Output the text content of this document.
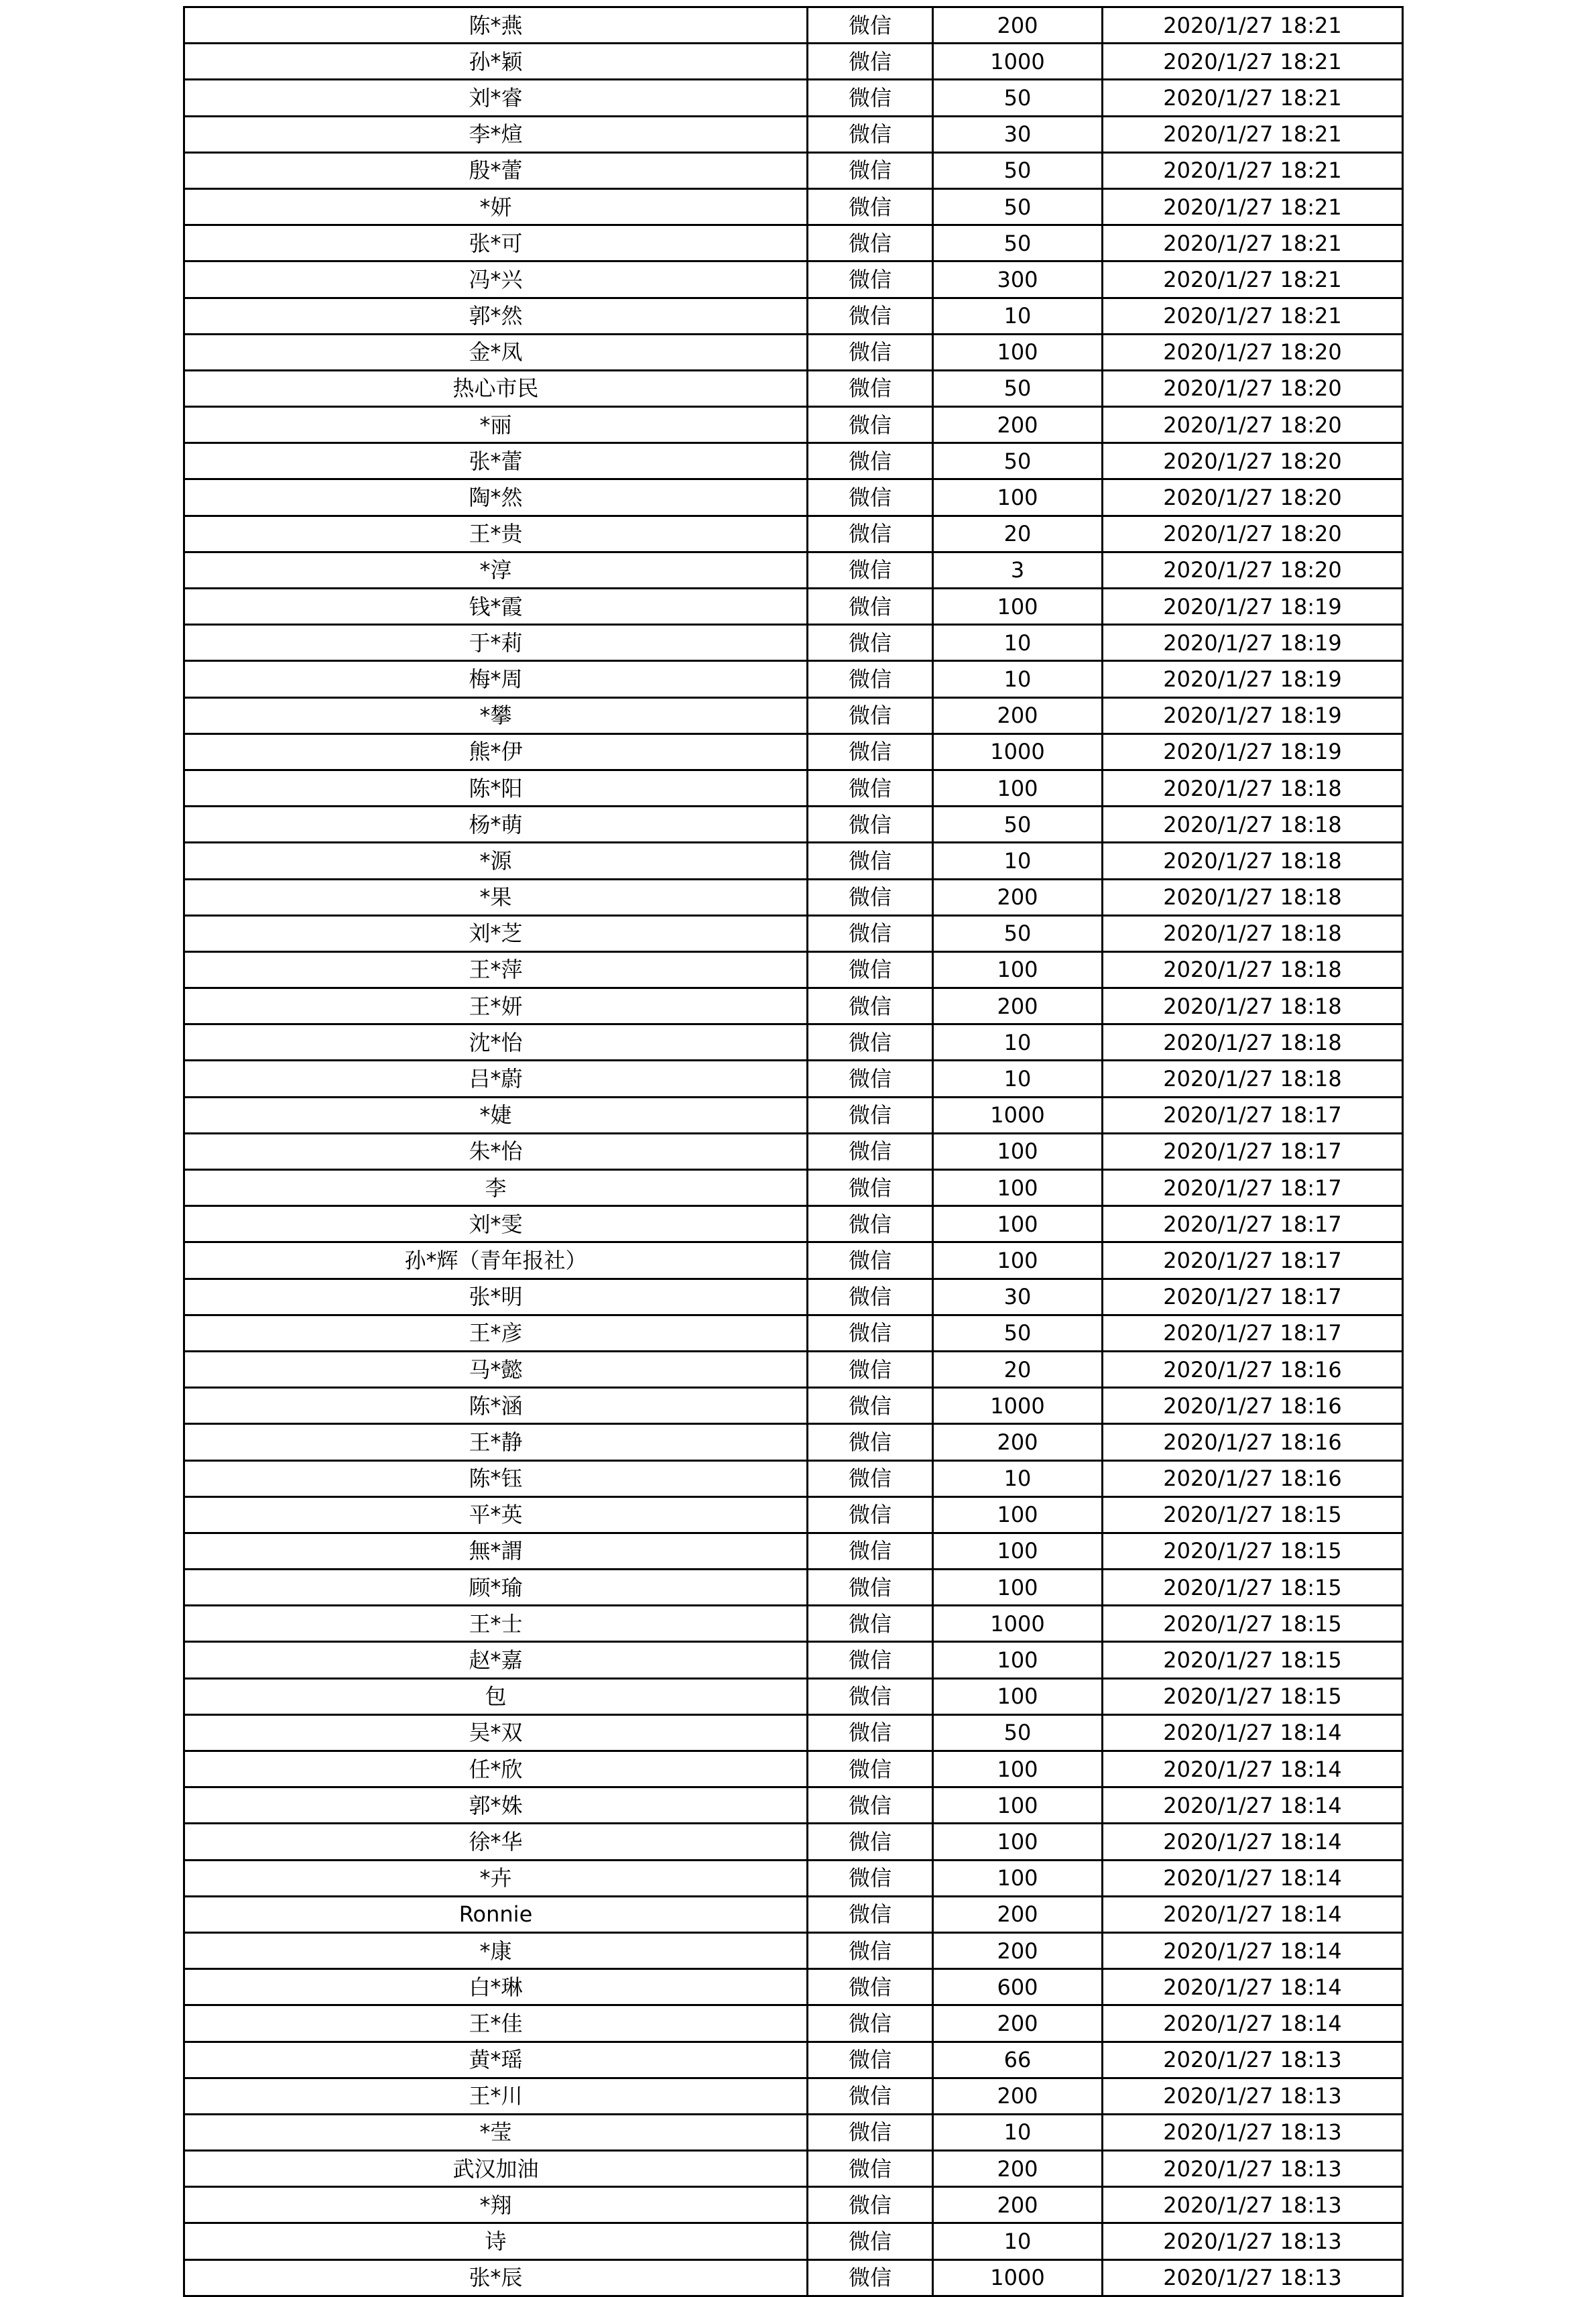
陈*燕	微信	200	2020/1/27 18:21
孙*颖	微信	1000	2020/1/27 18:21
刘*睿	微信	50	2020/1/27 18:21
李*煊	微信	30	2020/1/27 18:21
殷*蕾	微信	50	2020/1/27 18:21
*妍	微信	50	2020/1/27 18:21
张*可	微信	50	2020/1/27 18:21
冯*兴	微信	300	2020/1/27 18:21
郭*然	微信	10	2020/1/27 18:21
金*凤	微信	100	2020/1/27 18:20
热心市民	微信	50	2020/1/27 18:20
*丽	微信	200	2020/1/27 18:20
张*蕾	微信	50	2020/1/27 18:20
陶*然	微信	100	2020/1/27 18:20
王*贵	微信	20	2020/1/27 18:20
*淳	微信	3	2020/1/27 18:20
钱*霞	微信	100	2020/1/27 18:19
于*莉	微信	10	2020/1/27 18:19
梅*周	微信	10	2020/1/27 18:19
*攀	微信	200	2020/1/27 18:19
熊*伊	微信	1000	2020/1/27 18:19
陈*阳	微信	100	2020/1/27 18:18
杨*萌	微信	50	2020/1/27 18:18
*源	微信	10	2020/1/27 18:18
*果	微信	200	2020/1/27 18:18
刘*芝	微信	50	2020/1/27 18:18
王*萍	微信	100	2020/1/27 18:18
王*妍	微信	200	2020/1/27 18:18
沈*怡	微信	10	2020/1/27 18:18
吕*蔚	微信	10	2020/1/27 18:18
*婕	微信	1000	2020/1/27 18:17
朱*怡	微信	100	2020/1/27 18:17
李	微信	100	2020/1/27 18:17
刘*雯	微信	100	2020/1/27 18:17
孙*辉（青年报社）	微信	100	2020/1/27 18:17
张*明	微信	30	2020/1/27 18:17
王*彦	微信	50	2020/1/27 18:17
马*懿	微信	20	2020/1/27 18:16
陈*涵	微信	1000	2020/1/27 18:16
王*静	微信	200	2020/1/27 18:16
陈*钰	微信	10	2020/1/27 18:16
平*英	微信	100	2020/1/27 18:15
無*謂	微信	100	2020/1/27 18:15
顾*瑜	微信	100	2020/1/27 18:15
王*士	微信	1000	2020/1/27 18:15
赵*嘉	微信	100	2020/1/27 18:15
包	微信	100	2020/1/27 18:15
吴*双	微信	50	2020/1/27 18:14
任*欣	微信	100	2020/1/27 18:14
郭*姝	微信	100	2020/1/27 18:14
徐*华	微信	100	2020/1/27 18:14
*卉	微信	100	2020/1/27 18:14
Ronnie	微信	200	2020/1/27 18:14
*康	微信	200	2020/1/27 18:14
白*琳	微信	600	2020/1/27 18:14
王*佳	微信	200	2020/1/27 18:14
黄*瑶	微信	66	2020/1/27 18:13
王*川	微信	200	2020/1/27 18:13
*莹	微信	10	2020/1/27 18:13
武汉加油	微信	200	2020/1/27 18:13
*翔	微信	200	2020/1/27 18:13
诗	微信	10	2020/1/27 18:13
张*辰	微信	1000	2020/1/27 18:13
